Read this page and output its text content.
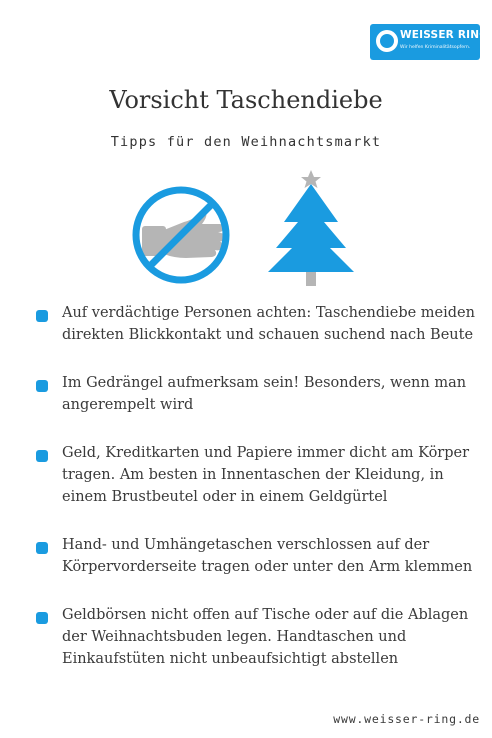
WEISSER RING
Wir helfen Kriminalitätsopfern.
Vorsicht Taschendiebe
Tipps für den Weihnachtsmarkt
Auf verdächtige Personen achten: Taschendiebe meiden direkten Blickkontakt und schauen suchend nach Beute
Im Gedrängel aufmerksam sein! Besonders, wenn man angerempelt wird
Geld, Kreditkarten und Papiere immer dicht am Körper tragen. Am besten in Innentaschen der Kleidung, in einem Brustbeutel oder in einem Geldgürtel
Hand- und Umhängetaschen verschlossen auf der Körpervorderseite tragen oder unter den Arm klemmen
Geldbörsen nicht offen auf Tische oder auf die Ablagen der Weihnachtsbuden legen. Handtaschen und Einkaufstüten nicht unbeaufsichtigt abstellen
www.weisser-ring.de
